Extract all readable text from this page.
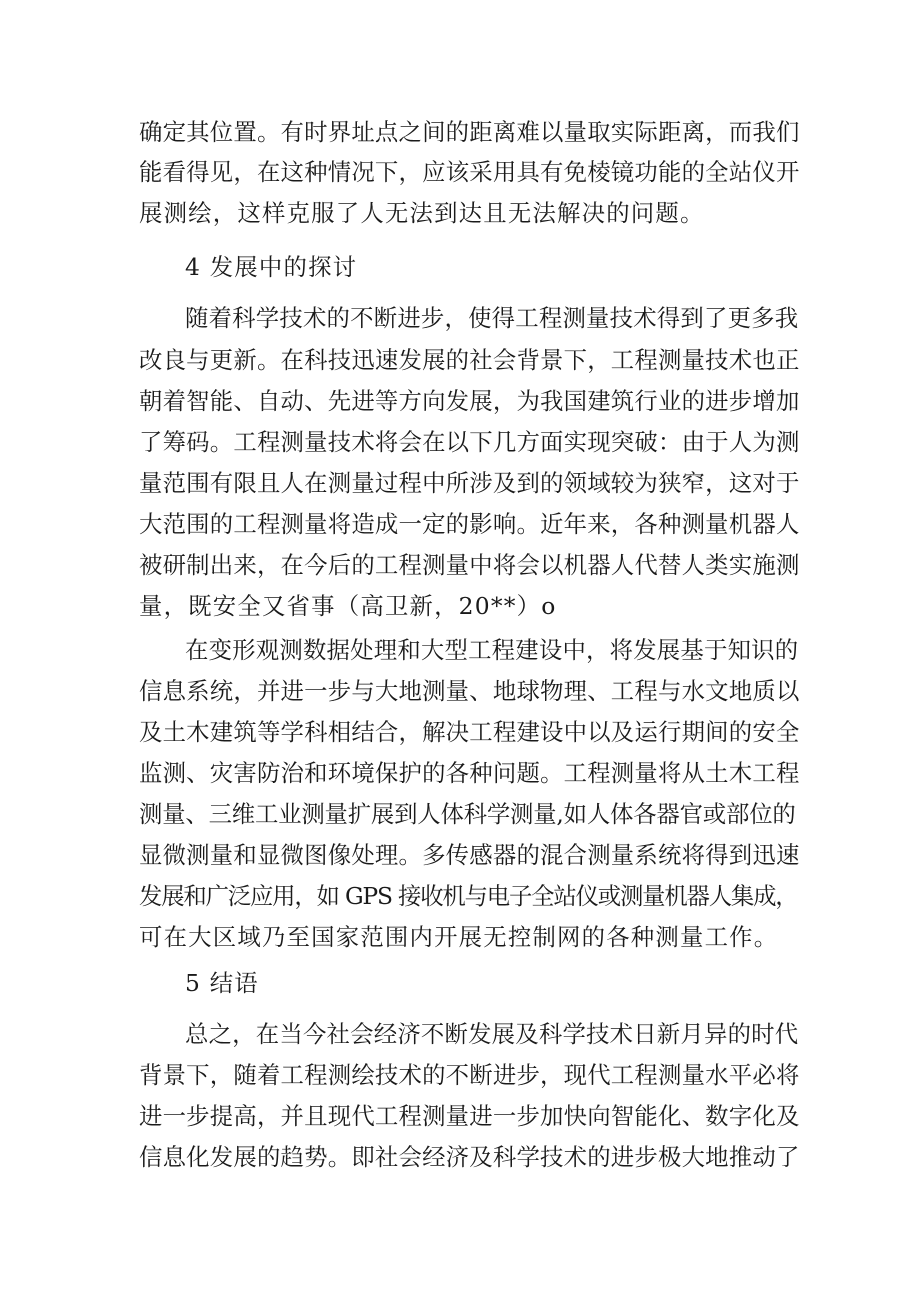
确定其位置。有时界址点之间的距离难以量取实际距离，而我们
能看得见，在这种情况下，应该采用具有免棱镜功能的全站仪开
展测绘，这样克服了人无法到达且无法解决的问题。
4 发展中的探讨
随着科学技术的不断进步，使得工程测量技术得到了更多我
改良与更新。在科技迅速发展的社会背景下，工程测量技术也正
朝着智能、自动、先进等方向发展，为我国建筑行业的进步增加
了筹码。工程测量技术将会在以下几方面实现突破：由于人为测
量范围有限且人在测量过程中所涉及到的领域较为狭窄，这对于
大范围的工程测量将造成一定的影响。近年来，各种测量机器人
被研制出来，在今后的工程测量中将会以机器人代替人类实施测
量，既安全又省事（高卫新，20**）o
在变形观测数据处理和大型工程建设中，将发展基于知识的
信息系统，并进一步与大地测量、地球物理、工程与水文地质以
及土木建筑等学科相结合，解决工程建设中以及运行期间的安全
监测、灾害防治和环境保护的各种问题。工程测量将从土木工程
测量、三维工业测量扩展到人体科学测量,如人体各器官或部位的
显微测量和显微图像处理。多传感器的混合测量系统将得到迅速
发展和广泛应用，如 GPS 接收机与电子全站仪或测量机器人集成，
可在大区域乃至国家范围内开展无控制网的各种测量工作。
5 结语
总之，在当今社会经济不断发展及科学技术日新月异的时代
背景下，随着工程测绘技术的不断进步，现代工程测量水平必将
进一步提高，并且现代工程测量进一步加快向智能化、数字化及
信息化发展的趋势。即社会经济及科学技术的进步极大地推动了
